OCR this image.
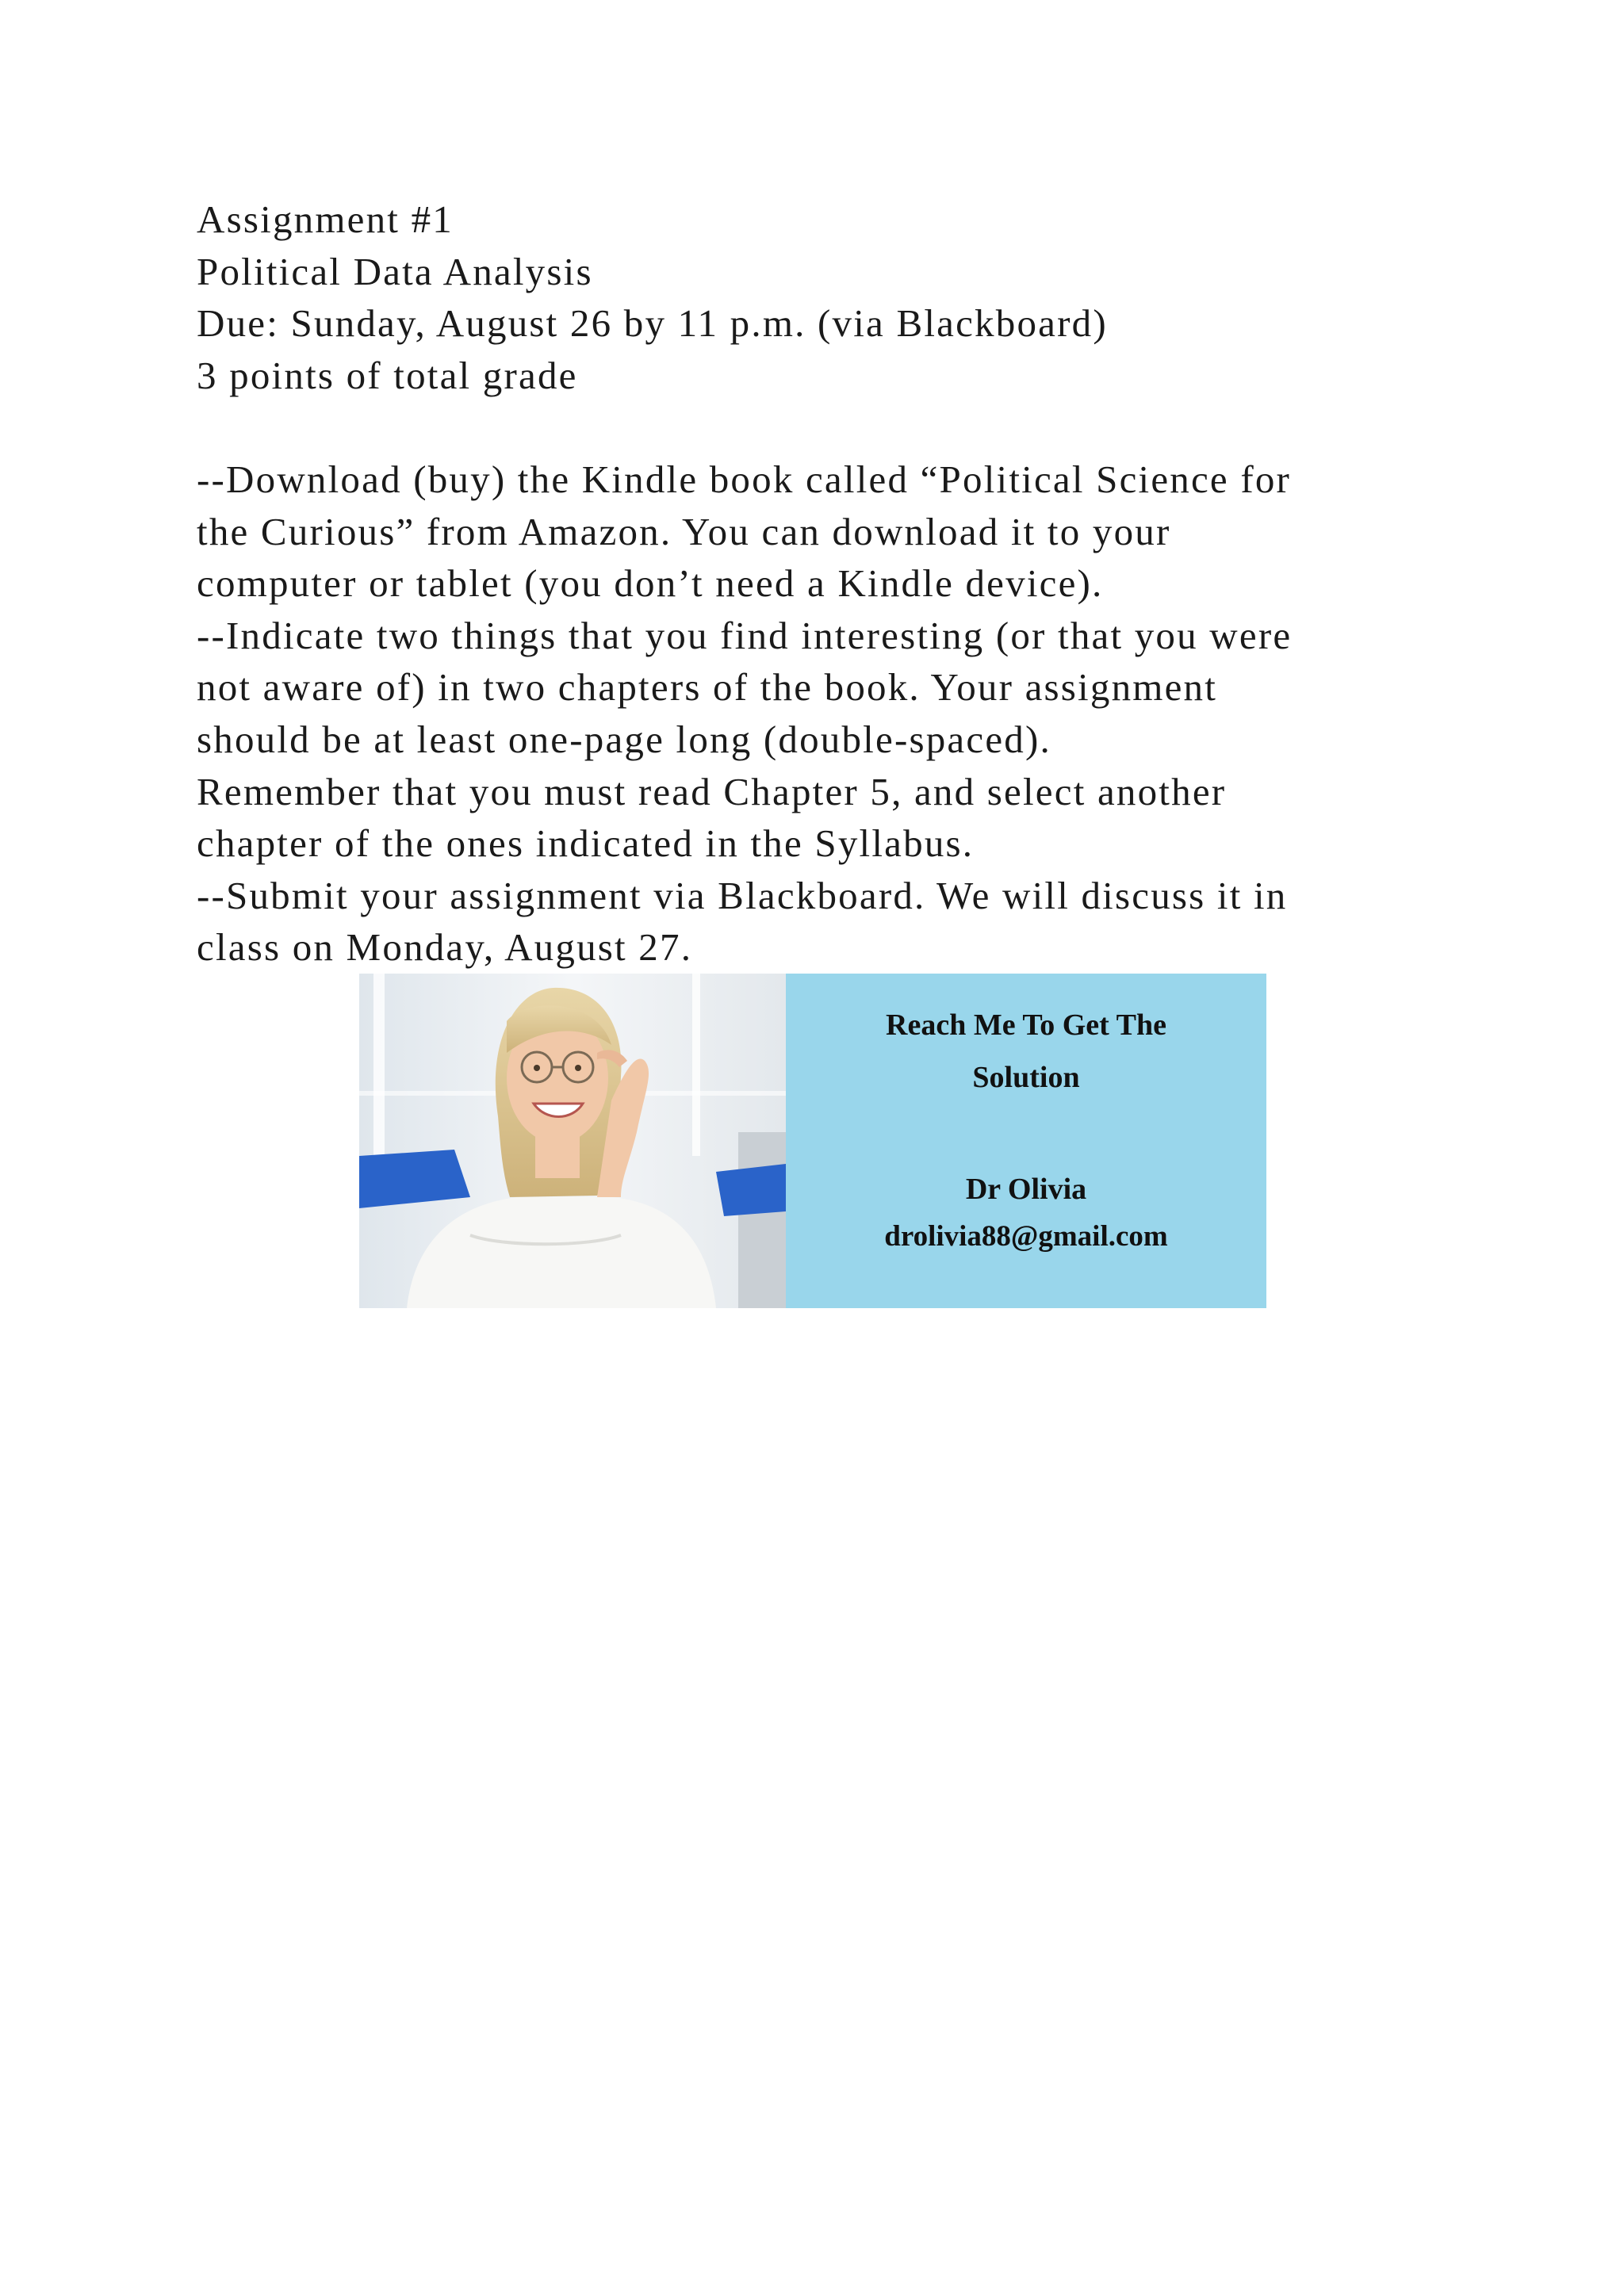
Assignment #1
Political Data Analysis
Due: Sunday, August 26 by 11 p.m. (via Blackboard)
3 points of total grade
--Download (buy) the Kindle book called “Political Science for
the Curious” from Amazon. You can download it to your
computer or tablet (you don’t need a Kindle device).
--Indicate two things that you find interesting (or that you were
not aware of) in two chapters of the book. Your assignment
should be at least one-page long (double-spaced).
Remember that you must read Chapter 5, and select another
chapter of the ones indicated in the Syllabus.
--Submit your assignment via Blackboard. We will discuss it in
class on Monday, August 27.
Reach Me To Get The
Solution
Dr Olivia
drolivia88@gmail.com
